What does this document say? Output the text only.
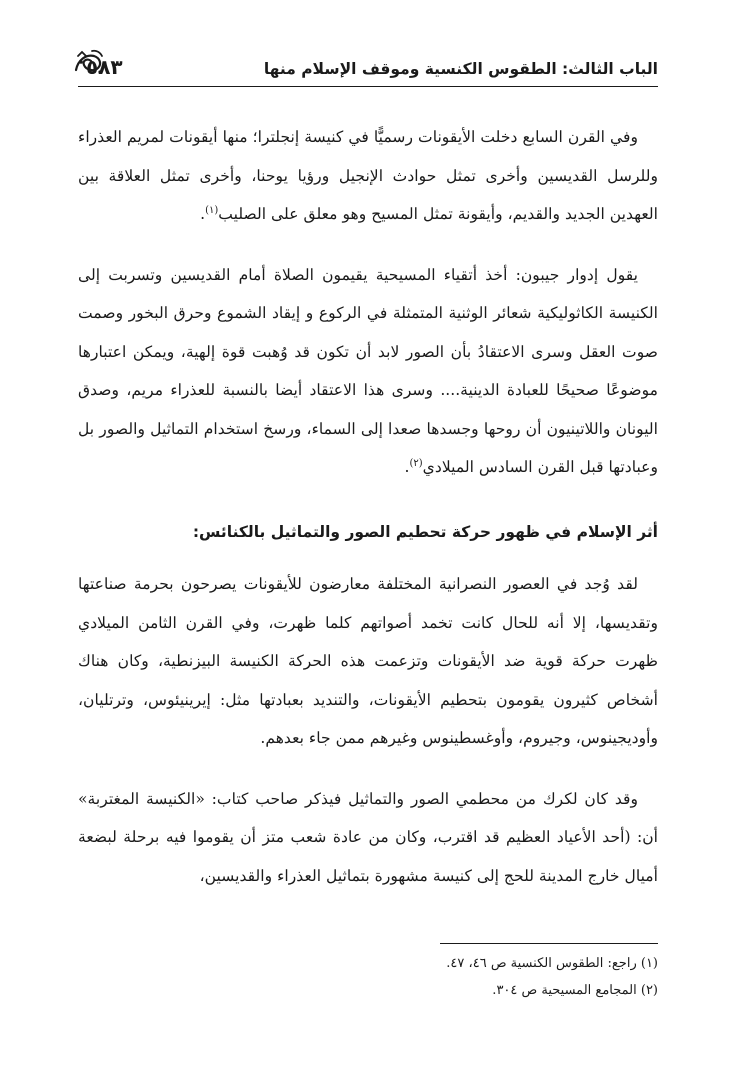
الباب الثالث: الطقوس الكنسية وموقف الإسلام منها
٥٨٣

وفي القرن السابع دخلت الأيقونات رسميًّا في كنيسة إنجلترا؛ منها أيقونات لمريم العذراء وللرسل القديسين وأخرى تمثل حوادث الإنجيل ورؤيا يوحنا، وأخرى تمثل العلاقة بين العهدين الجديد والقديم، وأيقونة تمثل المسيح وهو معلق على الصليب$^{(١)}$.

يقول إدوار جيبون: أخذ أتقياء المسيحية يقيمون الصلاة أمام القديسين وتسربت إلى الكنيسة الكاثوليكية شعائر الوثنية المتمثلة في الركوع و إيقاد الشموع وحرق البخور وصمت صوت العقل وسرى الاعتقادُ بأن الصور لابد أن تكون قد وُهبت قوة إلهية، ويمكن اعتبارها موضوعًا صحيحًا للعبادة الدينية.... وسرى هذا الاعتقاد أيضا بالنسبة للعذراء مريم، وصدق اليونان واللاتينيون أن روحها وجسدها صعدا إلى السماء، ورسخ استخدام التماثيل والصور بل وعبادتها قبل القرن السادس الميلادي$^{(٢)}$.

أثر الإسلام في ظهور حركة تحطيم الصور والتماثيل بالكنائس:

لقد وُجد في العصور النصرانية المختلفة معارضون للأيقونات يصرحون بحرمة صناعتها وتقديسها، إلا أنه للحال كانت تخمد أصواتهم كلما ظهرت، وفي القرن الثامن الميلادي ظهرت حركة قوية ضد الأيقونات وتزعمت هذه الحركة الكنيسة البيزنطية، وكان هناك أشخاص كثيرون يقومون بتحطيم الأيقونات، والتنديد بعبادتها مثل: إيرينيئوس، وترتليان، وأوديجينوس، وجيروم، وأوغسطينوس وغيرهم ممن جاء بعدهم.

وقد كان لكرك من محطمي الصور والتماثيل فيذكر صاحب كتاب: «الكنيسة المغتربة» أن: (أحد الأعياد العظيم قد اقترب، وكان من عادة شعب متز أن يقوموا فيه برحلة لبضعة أميال خارج المدينة للحج إلى كنيسة مشهورة بتماثيل العذراء والقديسين،

(١) راجع: الطقوس الكنسية ص ٤٦، ٤٧.

(٢) المجامع المسيحية ص ٣٠٤.
